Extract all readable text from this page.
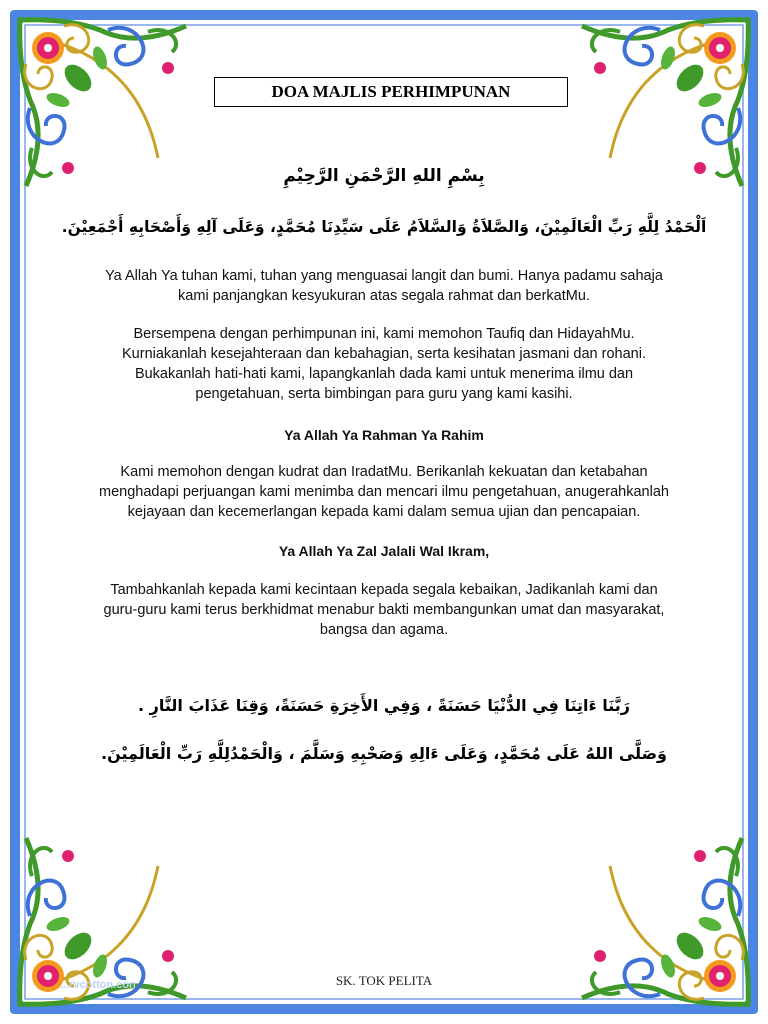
DOA MAJLIS PERHIMPUNAN
بِسْمِ اللهِ الرَّحْمَنِ الرَّحِيْمِ
اَلْحَمْدُ لِلَّهِ رَبِّ الْعَالَمِيْنَ، وَالصَّلاَةُ وَالسَّلاَمُ عَلَى سَيِّدِنَا مُحَمَّدٍ، وَعَلَى آلِهِ وَأَصْحَابِهِ أَجْمَعِيْنَ.
Ya Allah Ya tuhan kami, tuhan yang menguasai langit dan bumi. Hanya padamu sahaja
kami panjangkan kesyukuran atas segala rahmat dan berkatMu.
Bersempena dengan perhimpunan ini, kami memohon Taufiq dan HidayahMu.
Kurniakanlah kesejahteraan dan kebahagian, serta kesihatan jasmani dan rohani.
Bukakanlah hati-hati kami, lapangkanlah dada kami untuk menerima ilmu dan
pengetahuan, serta bimbingan para guru yang kami kasihi.
Ya Allah Ya Rahman Ya Rahim
Kami memohon dengan kudrat dan IradatMu. Berikanlah kekuatan dan ketabahan
menghadapi perjuangan kami menimba dan mencari ilmu pengetahuan, anugerahkanlah
kejayaan dan kecemerlangan kepada kami dalam semua ujian dan pencapaian.
Ya Allah Ya Zal Jalali Wal Ikram,
Tambahkanlah kepada kami kecintaan kepada segala kebaikan, Jadikanlah kami dan
guru-guru kami terus berkhidmat menabur bakti membangunkan umat dan masyarakat,
bangsa dan agama.
رَبَّنَا ءَاتِنَا فِي الدُّنْيَا حَسَنَةً ، وَفِي الأَخِرَةِ حَسَنَةً، وَقِنَا عَذَابَ النَّارِ .
وَصَلَّى اللهُ عَلَى مُحَمَّدٍ، وَعَلَى ءَالِهِ وَصَحْبِهِ وَسَلَّمَ ، وَالْحَمْدُلِلَّهِ رَبِّ الْعَالَمِيْنَ.
...rvcotton.con	SK. TOK PELITA
